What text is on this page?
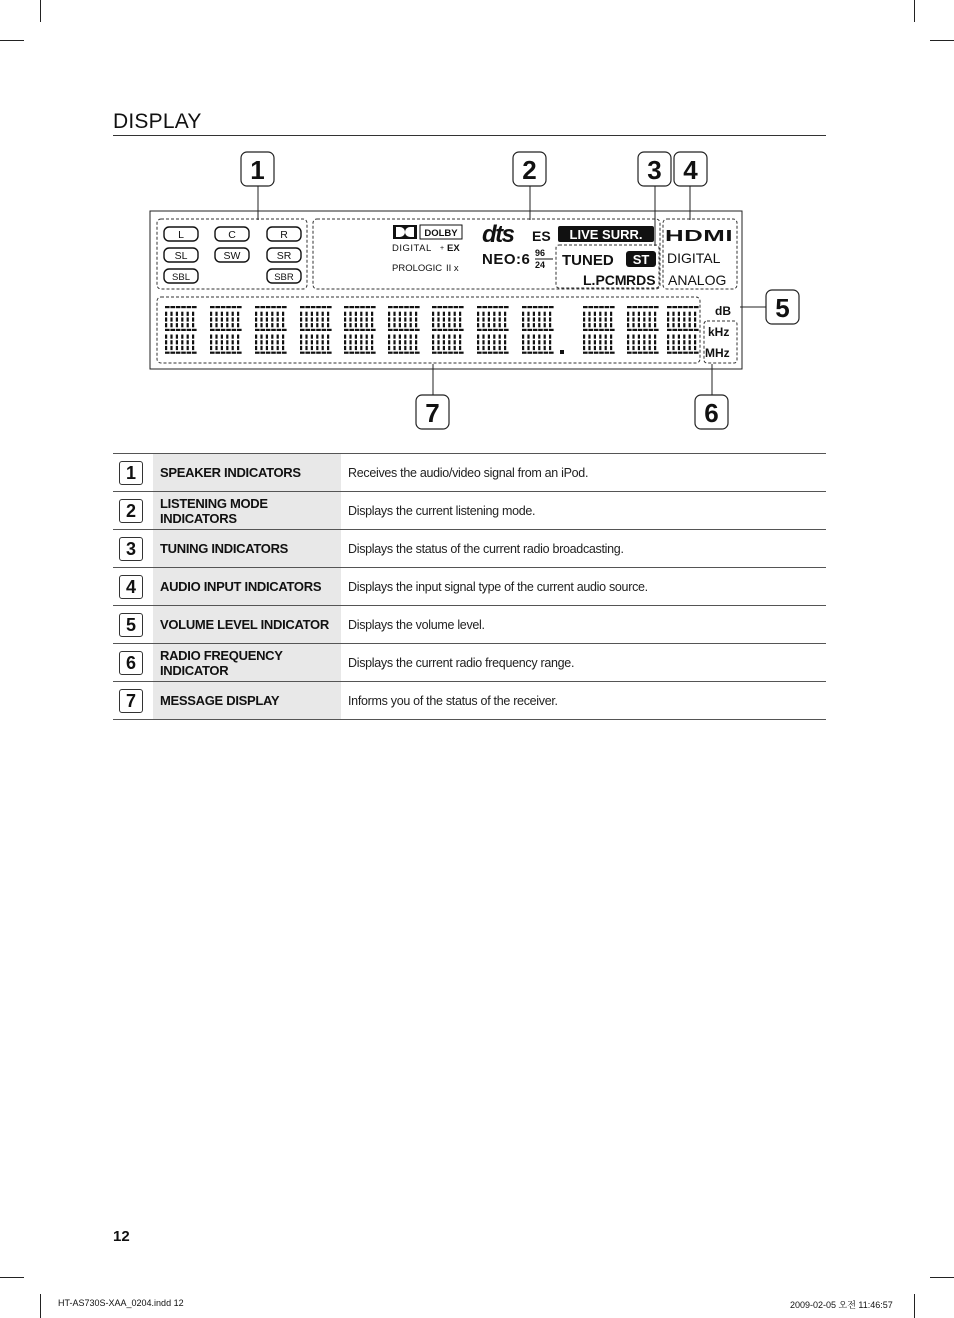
DISPLAY
L	C	R
SL	SW	SR
SBL	SBR
DOLBY
DIGITAL + EX
PROLOGIC II x
dts ES LIVE SURR.
NEO:6 96
24 TUNED ST
L.PCM RDS
HDMI
DIGITAL
ANALOG
dB
kHz
MHz
1	2	3 4
5
6
7
1	SPEAKER INDICATORS	Receives the audio/video signal from an iPod.
2	LISTENING MODE INDICATORS	Displays the current listening mode.
3	TUNING INDICATORS	Displays the status of the current radio broadcasting.
4	AUDIO INPUT INDICATORS	Displays the input signal type of the current audio source.
5	VOLUME LEVEL INDICATOR	Displays the volume level.
6	RADIO FREQUENCY INDICATOR	Displays the current radio frequency range.
7	MESSAGE DISPLAY	Informs you of the status of the receiver.
12
HT-AS730S-XAA_0204.indd 12	2009-02-05 오전 11:46:57
